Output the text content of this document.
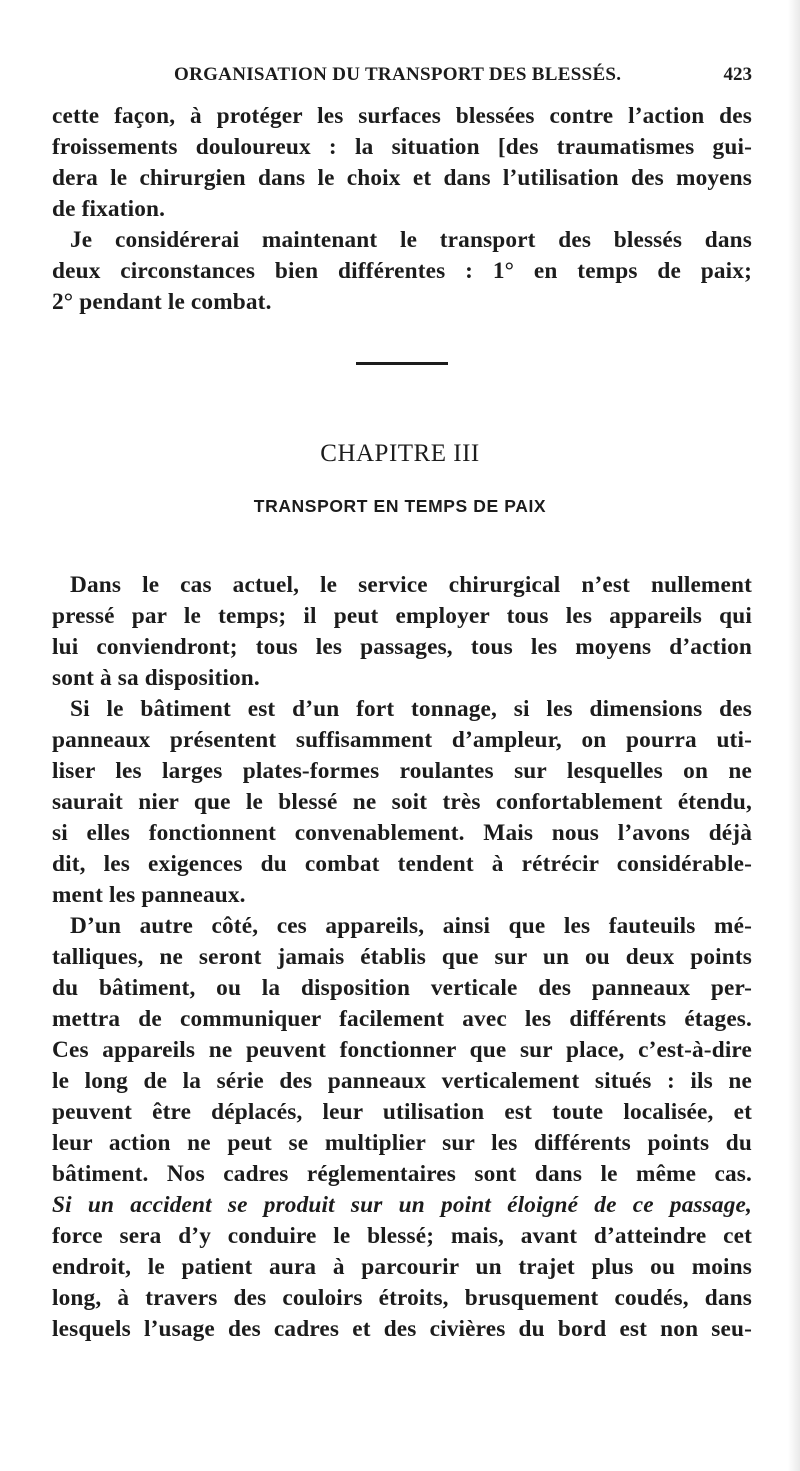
ORGANISATION DU TRANSPORT DES BLESSÉS.	423
cette façon, à protéger les surfaces blessées contre l’action des
froissements douloureux : la situation [des traumatismes gui-
dera le chirurgien dans le choix et dans l’utilisation des moyens
de fixation.
Je considérerai maintenant le transport des blessés dans
deux circonstances bien différentes : 1° en temps de paix;
2° pendant le combat.
CHAPITRE III
TRANSPORT EN TEMPS DE PAIX
Dans le cas actuel, le service chirurgical n’est nullement
pressé par le temps; il peut employer tous les appareils qui
lui conviendront; tous les passages, tous les moyens d’action
sont à sa disposition.
Si le bâtiment est d’un fort tonnage, si les dimensions des
panneaux présentent suffisamment d’ampleur, on pourra uti-
liser les larges plates-formes roulantes sur lesquelles on ne
saurait nier que le blessé ne soit très confortablement étendu,
si elles fonctionnent convenablement. Mais nous l’avons déjà
dit, les exigences du combat tendent à rétrécir considérable-
ment les panneaux.
D’un autre côté, ces appareils, ainsi que les fauteuils mé-
talliques, ne seront jamais établis que sur un ou deux points
du bâtiment, ou la disposition verticale des panneaux per-
mettra de communiquer facilement avec les différents étages.
Ces appareils ne peuvent fonctionner que sur place, c’est-à-dire
le long de la série des panneaux verticalement situés : ils ne
peuvent être déplacés, leur utilisation est toute localisée, et
leur action ne peut se multiplier sur les différents points du
bâtiment. Nos cadres réglementaires sont dans le même cas.
Si un accident se produit sur un point éloigné de ce passage,
force sera d’y conduire le blessé; mais, avant d’atteindre cet
endroit, le patient aura à parcourir un trajet plus ou moins
long, à travers des couloirs étroits, brusquement coudés, dans
lesquels l’usage des cadres et des civières du bord est non seu-
